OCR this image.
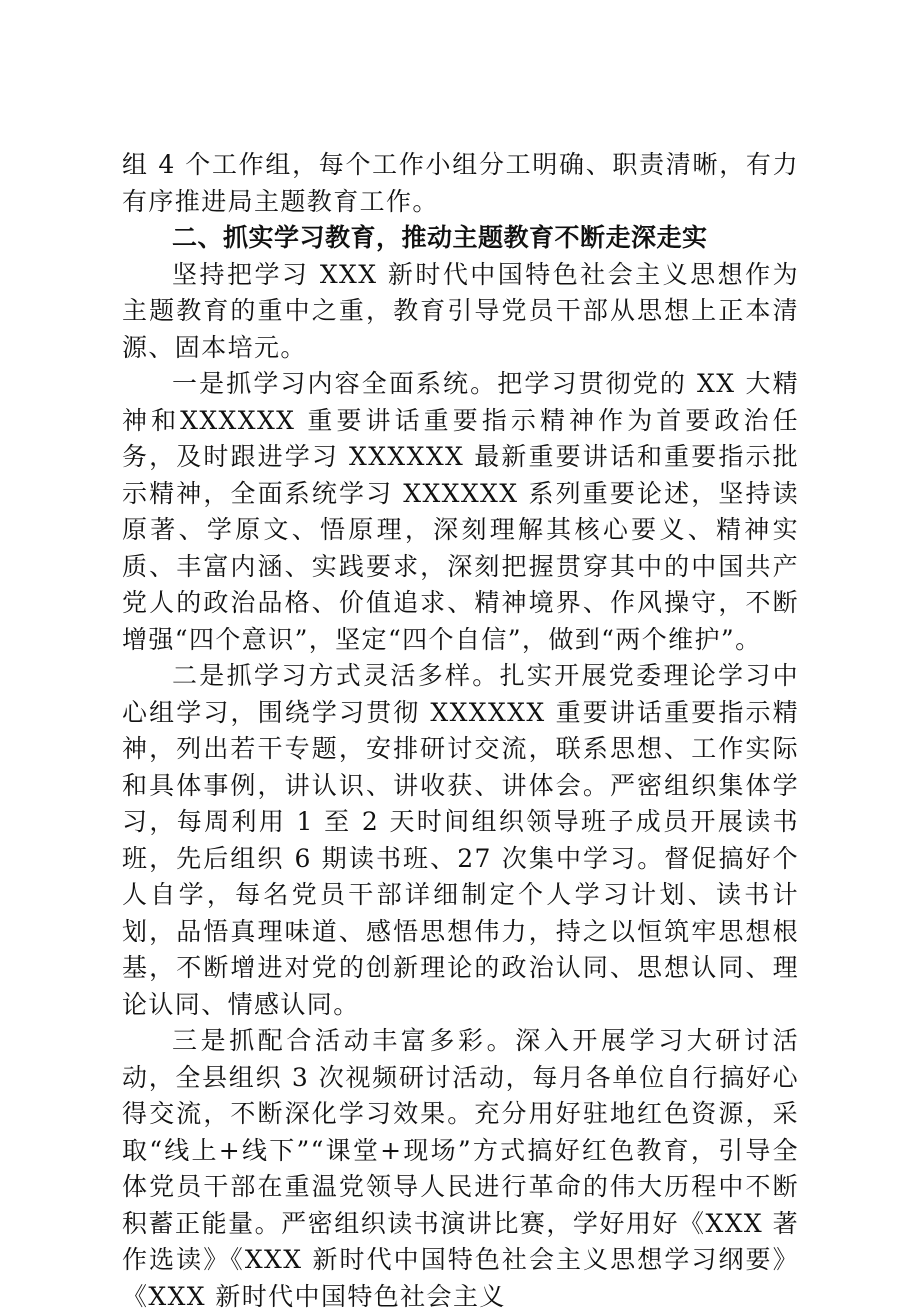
组 4 个工作组，每个工作小组分工明确、职责清晰，有力有序推进局主题教育工作。

二、抓实学习教育，推动主题教育不断走深走实

坚持把学习 XXX 新时代中国特色社会主义思想作为主题教育的重中之重，教育引导党员干部从思想上正本清源、固本培元。

一是抓学习内容全面系统。把学习贯彻党的 XX 大精神和XXXXXX 重要讲话重要指示精神作为首要政治任务，及时跟进学习 XXXXXX 最新重要讲话和重要指示批示精神，全面系统学习 XXXXXX 系列重要论述，坚持读原著、学原文、悟原理，深刻理解其核心要义、精神实质、丰富内涵、实践要求，深刻把握贯穿其中的中国共产党人的政治品格、价值追求、精神境界、作风操守，不断增强“四个意识”，坚定“四个自信”，做到“两个维护”。

二是抓学习方式灵活多样。扎实开展党委理论学习中心组学习，围绕学习贯彻 XXXXXX 重要讲话重要指示精神，列出若干专题，安排研讨交流，联系思想、工作实际和具体事例，讲认识、讲收获、讲体会。严密组织集体学习，每周利用 1 至 2 天时间组织领导班子成员开展读书班，先后组织 6 期读书班、27 次集中学习。督促搞好个人自学，每名党员干部详细制定个人学习计划、读书计划，品悟真理味道、感悟思想伟力，持之以恒筑牢思想根基，不断增进对党的创新理论的政治认同、思想认同、理论认同、情感认同。

三是抓配合活动丰富多彩。深入开展学习大研讨活动，全县组织 3 次视频研讨活动，每月各单位自行搞好心得交流，不断深化学习效果。充分用好驻地红色资源，采取“线上+线下”“课堂+现场”方式搞好红色教育，引导全体党员干部在重温党领导人民进行革命的伟大历程中不断积蓄正能量。严密组织读书演讲比赛，学好用好《XXX 著作选读》《XXX 新时代中国特色社会主义思想学习纲要》《XXX 新时代中国特色社会主义
